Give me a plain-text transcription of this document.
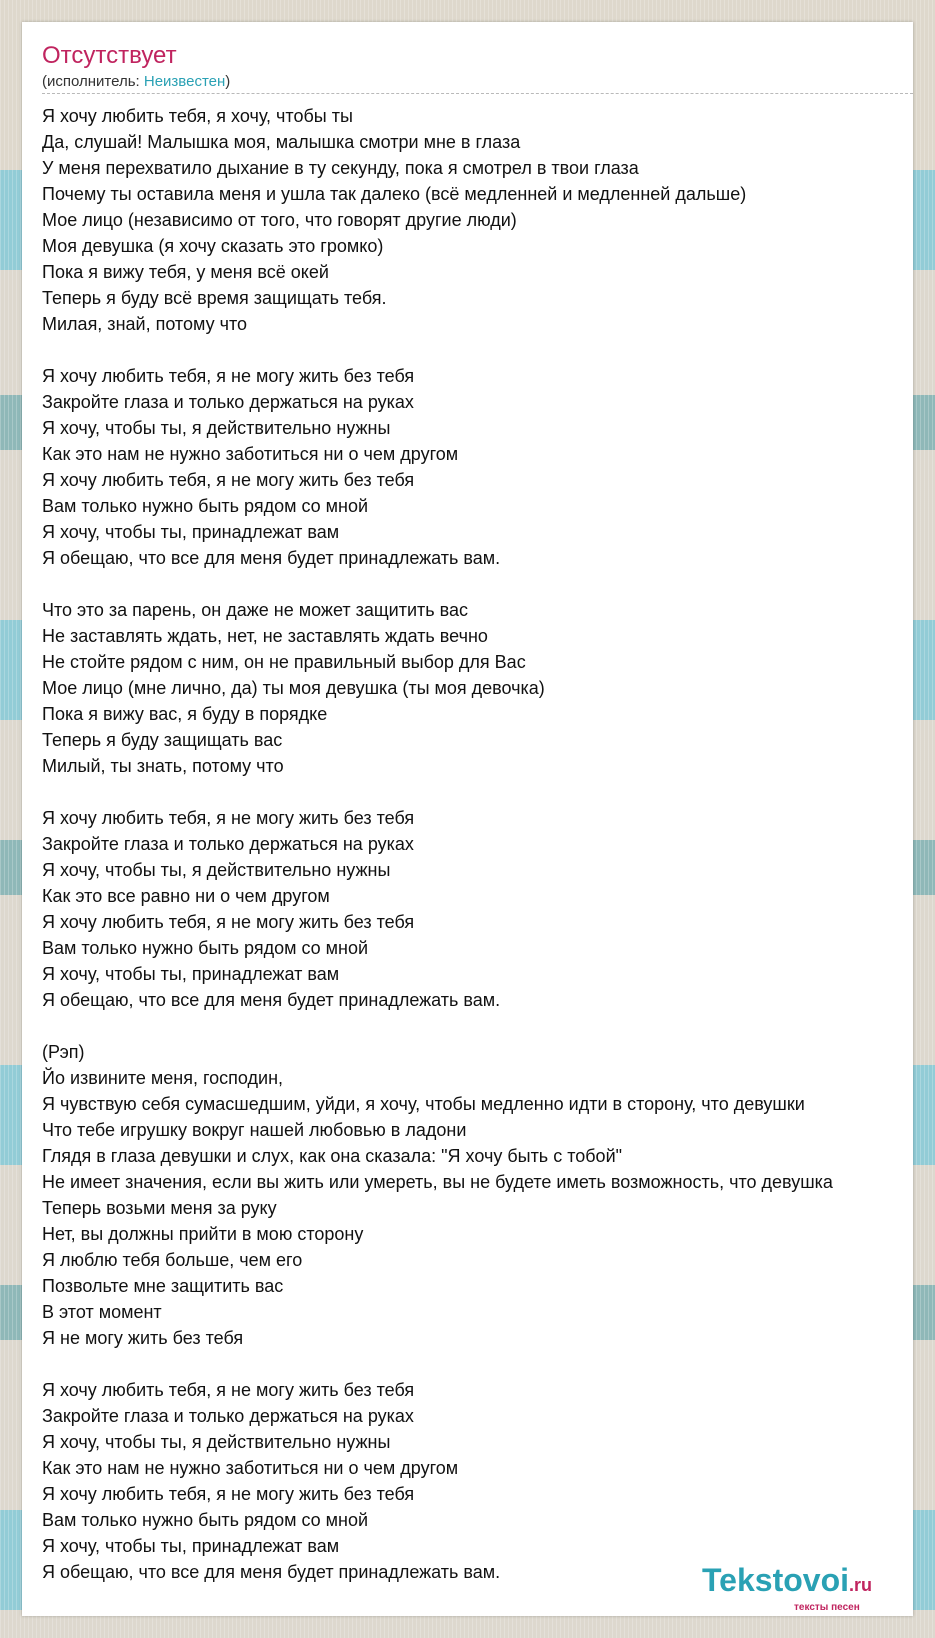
Отсутствует
(исполнитель: Неизвестен)
Я хочу любить тебя, я хочу, чтобы ты
Да, слушай! Малышка моя, малышка смотри мне в глаза
У меня перехватило дыхание в ту секунду, пока я смотрел в твои глаза
Почему ты оставила меня и ушла так далеко (всё медленней и медленней дальше)
Мое лицо (независимо от того, что говорят другие люди)
Моя девушка (я хочу сказать это громко)
Пока я вижу тебя, у меня всё окей
Теперь я буду всё время защищать тебя.
Милая, знай, потому что

Я хочу любить тебя, я не могу жить без тебя
Закройте глаза и только держаться на руках
Я хочу, чтобы ты, я действительно нужны
Как это нам не нужно заботиться ни о чем другом
Я хочу любить тебя, я не могу жить без тебя
Вам только нужно быть рядом со мной
Я хочу, чтобы ты, принадлежат вам
Я обещаю, что все для меня будет принадлежать вам.

Что это за парень, он даже не может защитить вас
Не заставлять ждать, нет, не заставлять ждать вечно
Не стойте рядом с ним, он не правильный выбор для Вас
Мое лицо (мне лично, да) ты моя девушка (ты моя девочка)
Пока я вижу вас, я буду в порядке
Теперь я буду защищать вас
Милый, ты знать, потому что

Я хочу любить тебя, я не могу жить без тебя
Закройте глаза и только держаться на руках
Я хочу, чтобы ты, я действительно нужны
Как это все равно ни о чем другом
Я хочу любить тебя, я не могу жить без тебя
Вам только нужно быть рядом со мной
Я хочу, чтобы ты, принадлежат вам
Я обещаю, что все для меня будет принадлежать вам.

(Рэп)
Йо извините меня, господин,
Я чувствую себя сумасшедшим, уйди, я хочу, чтобы медленно идти в сторону, что девушки
Что тебе игрушку вокруг нашей любовью в ладони
Глядя в глаза девушки и слух, как она сказала: "Я хочу быть с тобой"
Не имеет значения, если вы жить или умереть, вы не будете иметь возможность, что девушка
Теперь возьми меня за руку
Нет, вы должны прийти в мою сторону
Я люблю тебя больше, чем его
Позвольте мне защитить вас
В этот момент
Я не могу жить без тебя

Я хочу любить тебя, я не могу жить без тебя
Закройте глаза и только держаться на руках
Я хочу, чтобы ты, я действительно нужны
Как это нам не нужно заботиться ни о чем другом
Я хочу любить тебя, я не могу жить без тебя
Вам только нужно быть рядом со мной
Я хочу, чтобы ты, принадлежат вам
Я обещаю, что все для меня будет принадлежать вам.	Tekstovoi.ru
тексты песен
